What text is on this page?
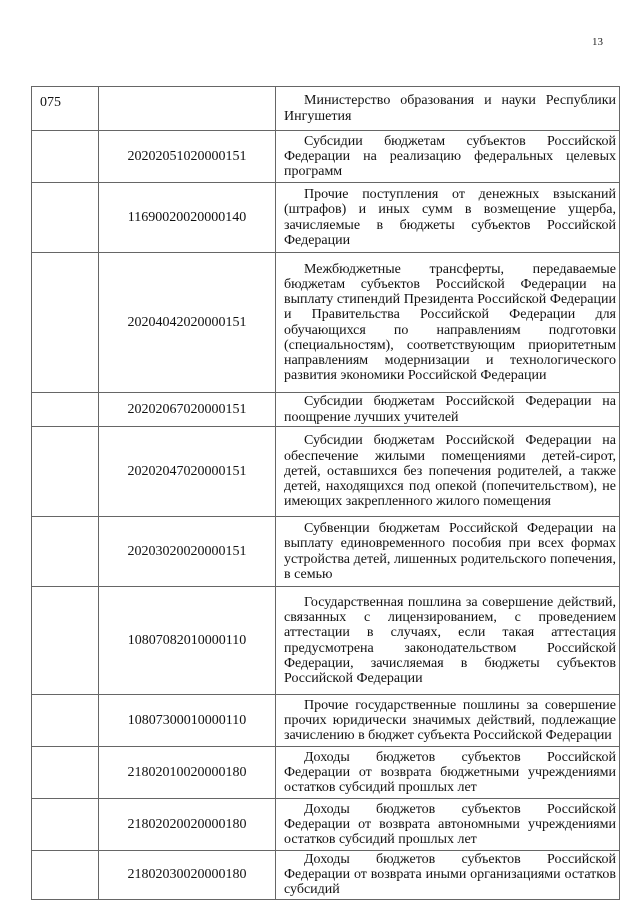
13
075		Министерство образования и науки Республики Ингушетия

	20202051020000151	Субсидии бюджетам субъектов Российской Федерации на реализацию федеральных целевых программ

	11690020020000140	Прочие поступления от денежных взысканий (штрафов) и иных сумм в возмещение ущерба, зачисляемые в бюджеты субъектов Российской Федерации

	20204042020000151	Межбюджетные трансферты, передаваемые бюджетам субъектов Российской Федерации на выплату стипендий Президента Российской Федерации и Правительства Российской Федерации для обучающихся по направлениям подготовки (специальностям), соответствующим приоритетным направлениям модернизации и технологического развития экономики Российской Федерации

	20202067020000151	Субсидии бюджетам Российской Федерации на поощрение лучших учителей

	20202047020000151	Субсидии бюджетам Российской Федерации на обеспечение жилыми помещениями детей-сирот, детей, оставшихся без попечения родителей, а также детей, находящихся под опекой (попечительством), не имеющих закрепленного жилого помещения

	20203020020000151	Субвенции бюджетам Российской Федерации на выплату единовременного пособия при всех формах устройства детей, лишенных родительского попечения, в семью

	10807082010000110	Государственная пошлина за совершение действий, связанных с лицензированием, с проведением аттестации в случаях, если такая аттестация предусмотрена законодательством Российской Федерации, зачисляемая в бюджеты субъектов Российской Федерации

	10807300010000110	Прочие государственные пошлины за совершение прочих юридически значимых действий, подлежащие зачислению в бюджет субъекта Российской Федерации

	21802010020000180	Доходы бюджетов субъектов Российской Федерации от возврата бюджетными учреждениями остатков субсидий прошлых лет

	21802020020000180	Доходы бюджетов субъектов Российской Федерации от возврата автономными учреждениями остатков субсидий прошлых лет

	21802030020000180	Доходы бюджетов субъектов Российской Федерации от возврата иными организациями остатков субсидий
